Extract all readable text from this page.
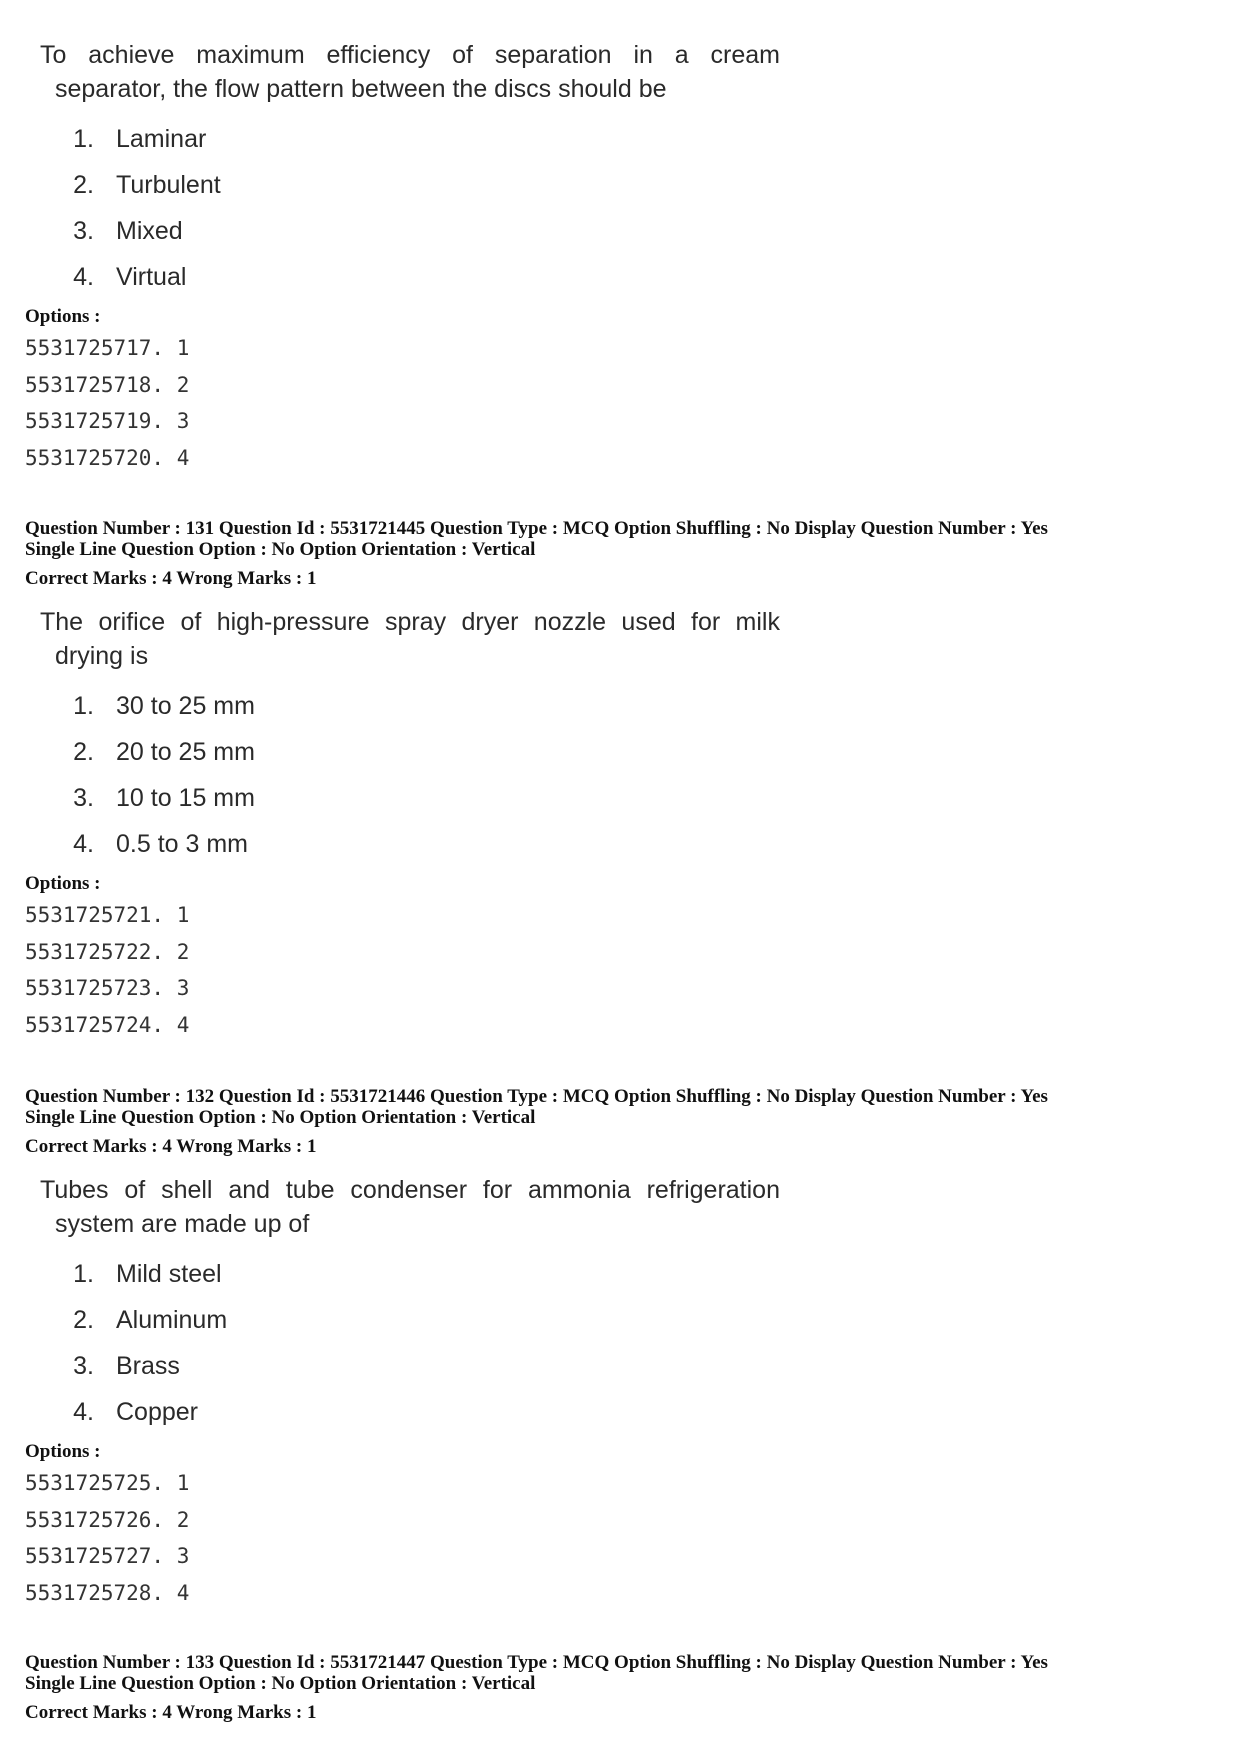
To achieve maximum efficiency of separation in a cream
separator, the flow pattern between the discs should be

1. Laminar
2. Turbulent
3. Mixed
4. Virtual
Options :
5531725717. 1
5531725718. 2
5531725719. 3
5531725720. 4
Question Number : 131 Question Id : 5531721445 Question Type : MCQ Option Shuffling : No Display Question Number : Yes
Single Line Question Option : No Option Orientation : Vertical
Correct Marks : 4 Wrong Marks : 1

The orifice of high-pressure spray dryer nozzle used for milk
drying is

1. 30 to 25 mm
2. 20 to 25 mm
3. 10 to 15 mm
4. 0.5 to 3 mm
Options :
5531725721. 1
5531725722. 2
5531725723. 3
5531725724. 4
Question Number : 132 Question Id : 5531721446 Question Type : MCQ Option Shuffling : No Display Question Number : Yes
Single Line Question Option : No Option Orientation : Vertical
Correct Marks : 4 Wrong Marks : 1

Tubes of shell and tube condenser for ammonia refrigeration
system are made up of

1. Mild steel
2. Aluminum
3. Brass
4. Copper
Options :
5531725725. 1
5531725726. 2
5531725727. 3
5531725728. 4
Question Number : 133 Question Id : 5531721447 Question Type : MCQ Option Shuffling : No Display Question Number : Yes
Single Line Question Option : No Option Orientation : Vertical
Correct Marks : 4 Wrong Marks : 1
